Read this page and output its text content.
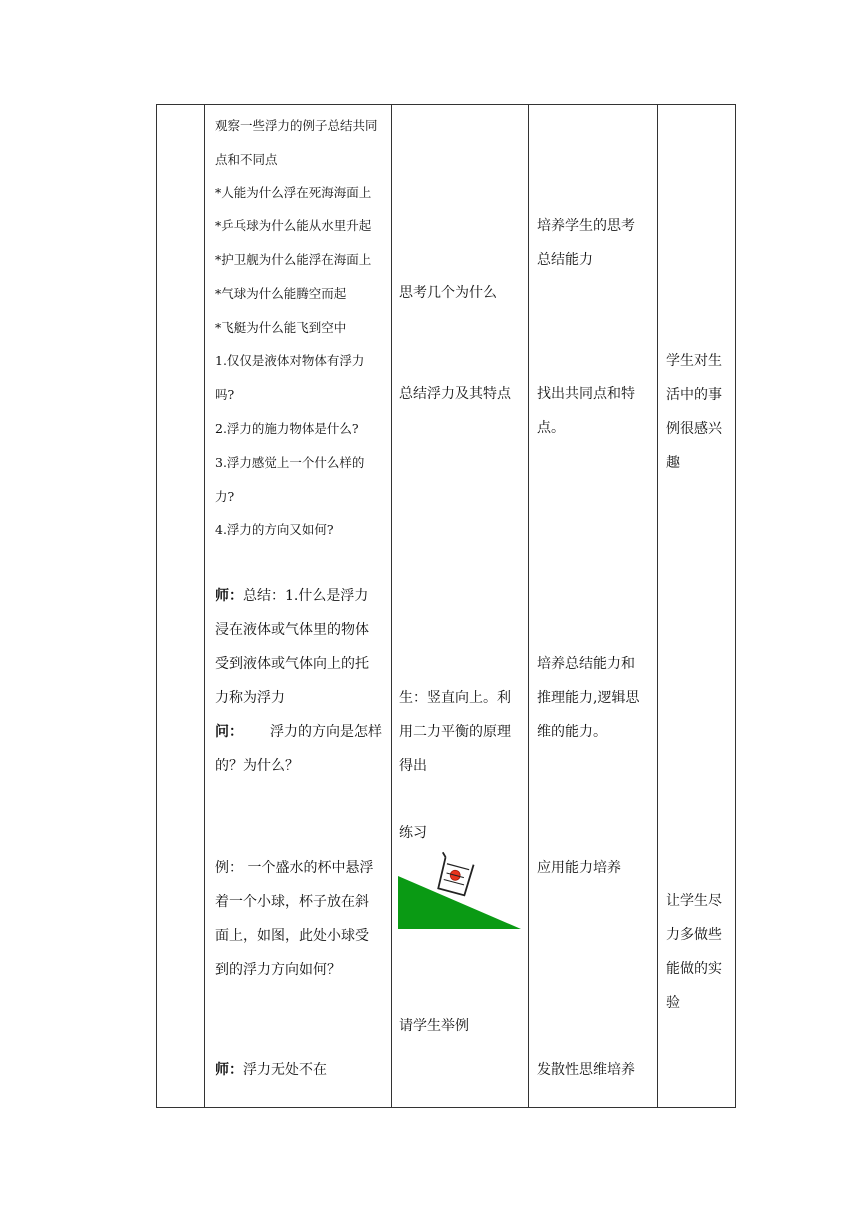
观察一些浮力的例子总结共同
点和不同点
*人能为什么浮在死海海面上
*乒乓球为什么能从水里升起
*护卫舰为什么能浮在海面上
*气球为什么能腾空而起
*飞艇为什么能飞到空中
1.仅仅是液体对物体有浮力
吗?
2.浮力的施力物体是什么?
3.浮力感觉上一个什么样的
力?
4.浮力的方向又如何?
师：总结：1.什么是浮力
浸在液体或气体里的物体
受到液体或气体向上的托
力称为浮力
问： 浮力的方向是怎样
的？为什么？
例： 一个盛水的杯中悬浮
着一个小球，杯子放在斜
面上，如图，此处小球受
到的浮力方向如何？
师：浮力无处不在
思考几个为什么
总结浮力及其特点
生：竖直向上。利
用二力平衡的原理
得出
练习
请学生举例
培养学生的思考
总结能力
找出共同点和特
点。
培养总结能力和
推理能力,逻辑思
维的能力。
应用能力培养
发散性思维培养
学生对生
活中的事
例很感兴
趣
让学生尽
力多做些
能做的实
验
